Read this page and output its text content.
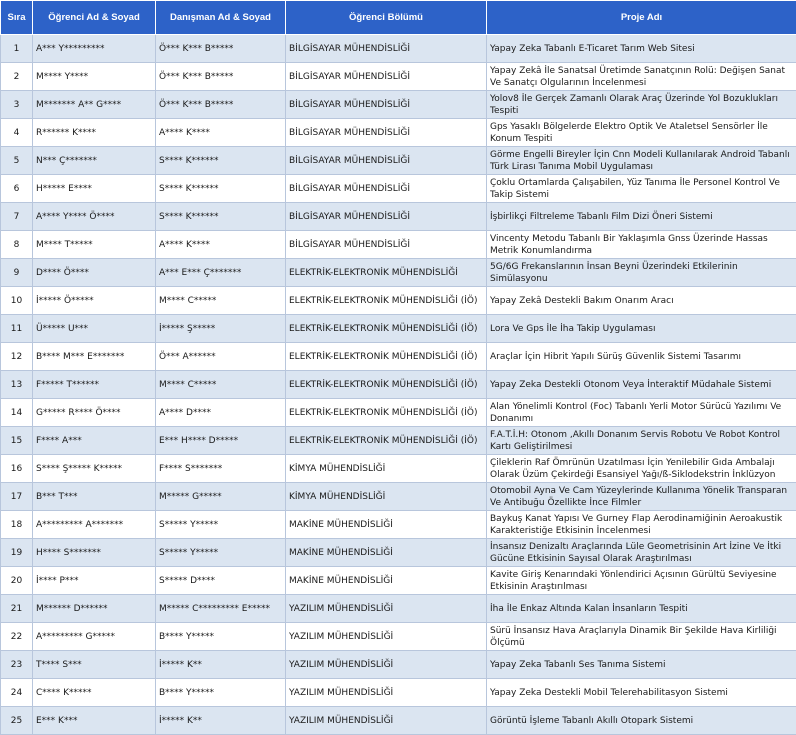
Sıra	Öğrenci Ad & Soyad	Danışman Ad & Soyad	Öğrenci Bölümü	Proje Adı
1	A*** Y*********	Ö*** K*** B*****	BİLGİSAYAR MÜHENDİSLİĞİ	Yapay Zeka Tabanlı E-Ticaret Tarım Web Sitesi
2	M**** Y****	Ö*** K*** B*****	BİLGİSAYAR MÜHENDİSLİĞİ	Yapay Zekâ İle Sanatsal Üretimde Sanatçının Rolü: Değişen Sanat Ve Sanatçı Olgularının İncelenmesi
3	M******* A** G****	Ö*** K*** B*****	BİLGİSAYAR MÜHENDİSLİĞİ	Yolov8 İle Gerçek Zamanlı Olarak Araç Üzerinde Yol Bozuklukları Tespiti
4	R****** K****	A**** K****	BİLGİSAYAR MÜHENDİSLİĞİ	Gps Yasaklı Bölgelerde Elektro Optik Ve Ataletsel Sensörler İle Konum Tespiti
5	N*** Ç*******	S**** K******	BİLGİSAYAR MÜHENDİSLİĞİ	Görme Engelli Bireyler İçin Cnn Modeli Kullanılarak Android Tabanlı Türk Lirası Tanıma Mobil Uygulaması
6	H***** E****	S**** K******	BİLGİSAYAR MÜHENDİSLİĞİ	Çoklu Ortamlarda Çalışabilen, Yüz Tanıma İle Personel Kontrol Ve Takip Sistemi
7	A**** Y**** Ö****	S**** K******	BİLGİSAYAR MÜHENDİSLİĞİ	İşbirlikçi Filtreleme Tabanlı Film Dizi Öneri Sistemi
8	M**** T*****	A**** K****	BİLGİSAYAR MÜHENDİSLİĞİ	Vincenty Metodu Tabanlı Bir Yaklaşımla Gnss Üzerinde Hassas Metrik Konumlandırma
9	D**** Ö****	A*** E*** Ç*******	ELEKTRİK-ELEKTRONİK MÜHENDİSLİĞİ	5G/6G Frekanslarının İnsan Beyni Üzerindeki Etkilerinin Simülasyonu
10	İ***** Ö*****	M**** C*****	ELEKTRİK-ELEKTRONİK MÜHENDİSLİĞİ (İÖ)	Yapay Zekâ Destekli Bakım Onarım Aracı
11	Ü***** U***	İ***** Ş*****	ELEKTRİK-ELEKTRONİK MÜHENDİSLİĞİ (İÖ)	Lora Ve Gps İle İha Takip Uygulaması
12	B**** M*** E*******	Ö*** A******	ELEKTRİK-ELEKTRONİK MÜHENDİSLİĞİ (İÖ)	Araçlar İçin Hibrit Yapılı Sürüş Güvenlik Sistemi Tasarımı
13	F***** T******	M**** C*****	ELEKTRİK-ELEKTRONİK MÜHENDİSLİĞİ (İÖ)	Yapay Zeka Destekli Otonom Veya İnteraktif Müdahale Sistemi
14	G***** R**** Ö****	A**** D****	ELEKTRİK-ELEKTRONİK MÜHENDİSLİĞİ (İÖ)	Alan Yönelimli Kontrol (Foc) Tabanlı Yerli Motor Sürücü Yazılımı Ve Donanımı
15	F**** A***	E*** H**** D*****	ELEKTRİK-ELEKTRONİK MÜHENDİSLİĞİ (İÖ)	F.A.T.İ.H: Otonom ,Akıllı Donanım Servis Robotu Ve Robot Kontrol Kartı Geliştirilmesi
16	S**** Ş***** K*****	F**** S*******	KİMYA MÜHENDİSLİĞİ	Çileklerin Raf Ömrünün Uzatılması İçin Yenilebilir Gıda Ambalajı Olarak Üzüm Çekirdeği Esansiyel Yağı/ß-Siklodekstrin İnklüzyon
17	B*** T***	M***** G*****	KİMYA MÜHENDİSLİĞİ	Otomobil Ayna Ve Cam Yüzeylerinde Kullanıma Yönelik Transparan Ve Antibuğu Özellikte İnce Filmler
18	A********* A*******	S***** Y*****	MAKİNE MÜHENDİSLİĞİ	Baykuş Kanat Yapısı Ve Gurney Flap Aerodinamiğinin Aeroakustik Karakteristiğe Etkisinin İncelenmesi
19	H**** S*******	S***** Y*****	MAKİNE MÜHENDİSLİĞİ	İnsansız Denizaltı Araçlarında Lüle Geometrisinin Art İzine Ve İtki Gücüne Etkisinin Sayısal Olarak Araştırılması
20	İ**** P***	S***** D****	MAKİNE MÜHENDİSLİĞİ	Kavite Giriş Kenarındaki Yönlendirici Açısının Gürültü Seviyesine Etkisinin Araştırılması
21	M****** D******	M***** C********* E*****	YAZILIM MÜHENDİSLİĞİ	İha İle Enkaz Altında Kalan İnsanların Tespiti
22	A********* G*****	B**** Y*****	YAZILIM MÜHENDİSLİĞİ	Sürü İnsansız Hava Araçlarıyla Dinamik Bir Şekilde Hava Kirliliği Ölçümü
23	T**** S***	İ***** K**	YAZILIM MÜHENDİSLİĞİ	Yapay Zeka Tabanlı Ses Tanıma Sistemi
24	C**** K*****	B**** Y*****	YAZILIM MÜHENDİSLİĞİ	Yapay Zeka Destekli Mobil Telerehabilitasyon Sistemi
25	E*** K***	İ***** K**	YAZILIM MÜHENDİSLİĞİ	Görüntü İşleme Tabanlı Akıllı Otopark Sistemi
